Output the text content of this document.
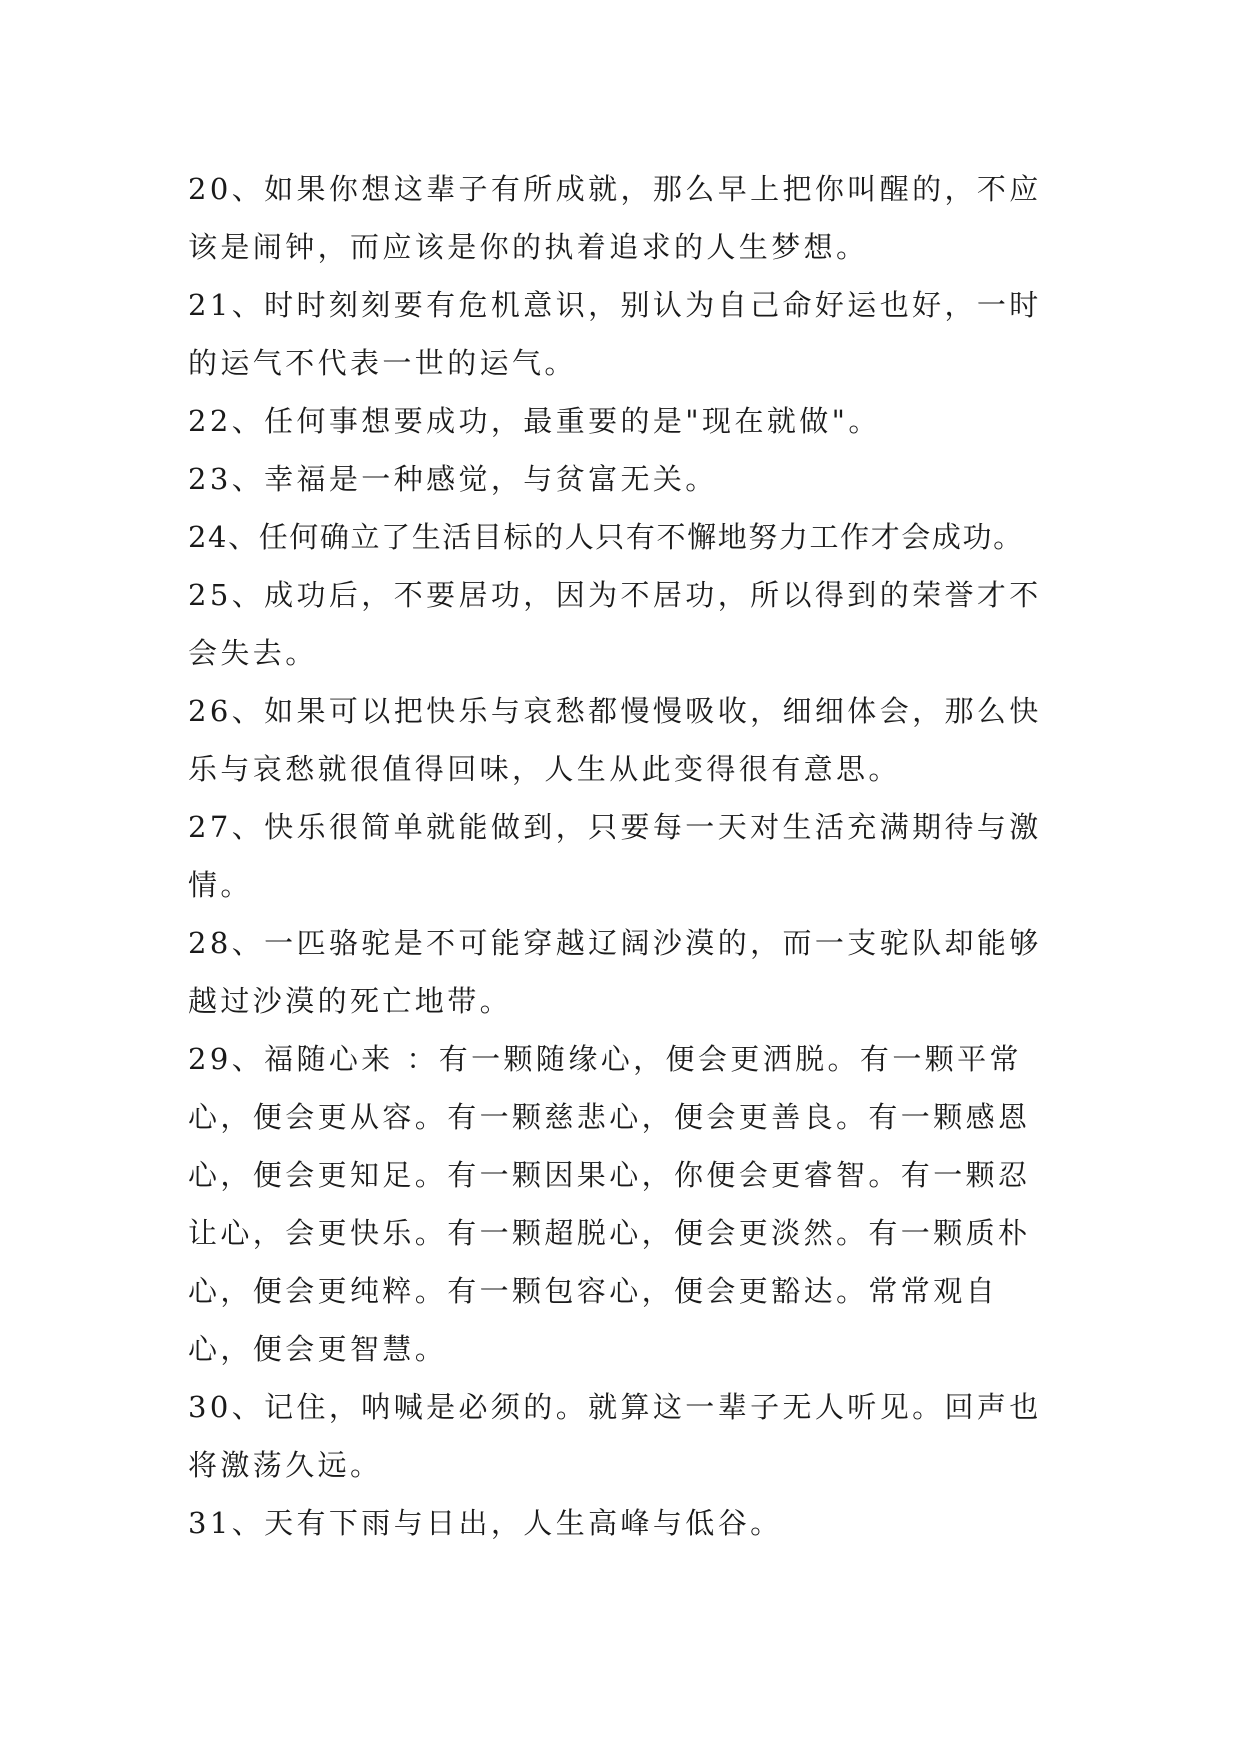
20、如果你想这辈子有所成就，那么早上把你叫醒的，不应该是闹钟，而应该是你的执着追求的人生梦想。

21、时时刻刻要有危机意识，别认为自己命好运也好，一时的运气不代表一世的运气。

22、任何事想要成功，最重要的是"现在就做"。

23、幸福是一种感觉，与贫富无关。

24、任何确立了生活目标的人只有不懈地努力工作才会成功。

25、成功后，不要居功，因为不居功，所以得到的荣誉才不会失去。

26、如果可以把快乐与哀愁都慢慢吸收，细细体会，那么快乐与哀愁就很值得回味，人生从此变得很有意思。

27、快乐很简单就能做到，只要每一天对生活充满期待与激情。

28、一匹骆驼是不可能穿越辽阔沙漠的，而一支驼队却能够越过沙漠的死亡地带。

29、福随心来 ：有一颗随缘心，便会更洒脱。有一颗平常心，便会更从容。有一颗慈悲心，便会更善良。有一颗感恩心，便会更知足。有一颗因果心，你便会更睿智。有一颗忍让心，会更快乐。有一颗超脱心，便会更淡然。有一颗质朴心，便会更纯粹。有一颗包容心，便会更豁达。常常观自心，便会更智慧。

30、记住，呐喊是必须的。就算这一辈子无人听见。回声也将激荡久远。

31、天有下雨与日出，人生高峰与低谷。
